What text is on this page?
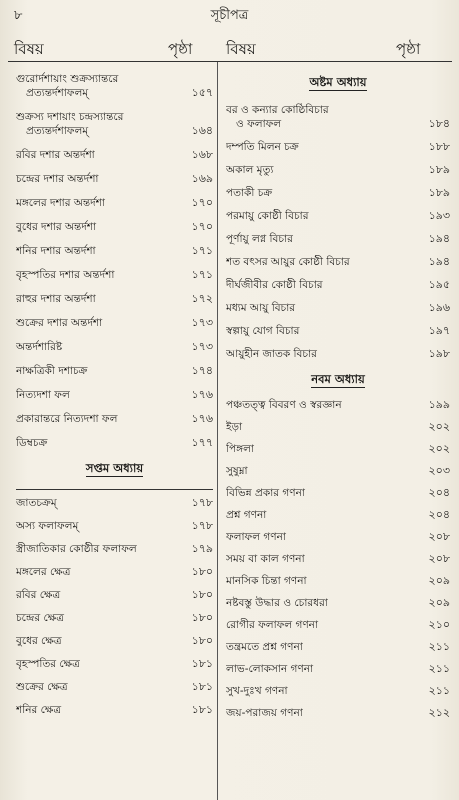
৮	সূচীপত্র
বিষয়	পৃষ্ঠা বিষয়	পৃষ্ঠা
গুরোর্দশায়াং শুক্রস্যান্তরে
প্রত্যন্তর্দশাফলম্	১৫৭
শুক্রস্য দশায়াং চন্দ্রস্যান্তরে
প্রত্যন্তর্দশাফলম্	১৬৪
রবির দশার অন্তর্দশা	১৬৮
চন্দ্রের দশার অন্তর্দশা	১৬৯
মঙ্গলের দশার অন্তর্দশা	১৭০
বুধের দশার অন্তর্দশা	১৭০
শনির দশার অন্তর্দশা	১৭১
বৃহস্পতির দশার অন্তর্দশা	১৭১
রাহুর দশার অন্তর্দশা	১৭২
শুক্রের দশার অন্তর্দশা	১৭৩
অন্তর্দশারিষ্ট	১৭৩
নাক্ষত্রিকী দশাচক্র	১৭৪
নিত্যদশা ফল	১৭৬
প্রকারান্তরে নিত্যদশা ফল	১৭৬
ডিম্বচক্র	১৭৭
সপ্তম অধ্যায়
জাতচক্রম্	১৭৮
অস্য ফলাফলম্	১৭৮
স্ত্রীজাতিকার কোষ্ঠীর ফলাফল	১৭৯
মঙ্গলের ক্ষেত্র	১৮০
রবির ক্ষেত্র	১৮০
চন্দ্রের ক্ষেত্র	১৮০
বুধের ক্ষেত্র	১৮০
বৃহস্পতির ক্ষেত্র	১৮১
শুক্রের ক্ষেত্র	১৮১
শনির ক্ষেত্র	১৮১
অষ্টম অধ্যায়
বর ও কন্যার কোষ্ঠিবিচার
ও ফলাফল	১৮৪
দম্পতি মিলন চক্র	১৮৮
অকাল মৃত্যু	১৮৯
পতাকী চক্র	১৮৯
পরমায়ু কোষ্ঠী বিচার	১৯৩
পূর্ণায়ু লগ্ন বিচার	১৯৪
শত বৎসর আয়ুর কোষ্ঠী বিচার	১৯৪
দীর্ঘজীবীর কোষ্ঠী বিচার	১৯৫
মধ্যম আয়ু বিচার	১৯৬
স্বল্পায়ু যোগ বিচার	১৯৭
আয়ুহীন জাতক বিচার	১৯৮
নবম অধ্যায়
পঞ্চতত্ত্ব বিবরণ ও স্বরজ্ঞান	১৯৯
ইড়া	২০২
পিঙ্গলা	২০২
সুষুম্না	২০৩
বিভিন্ন প্রকার গণনা	২০৪
প্রশ্ন গণনা	২০৪
ফলাফল গণনা	২০৮
সময় বা কাল গণনা	২০৮
মানসিক চিন্তা গণনা	২০৯
নষ্টবস্তু উদ্ধার ও চোরধরা	২০৯
রোগীর ফলাফল গণনা	২১০
তন্ত্রমতে প্রশ্ন গণনা	২১১
লাভ-লোকসান গণনা	২১১
সুখ-দুঃখ গণনা	২১১
জয়-পরাজয় গণনা	২১২
